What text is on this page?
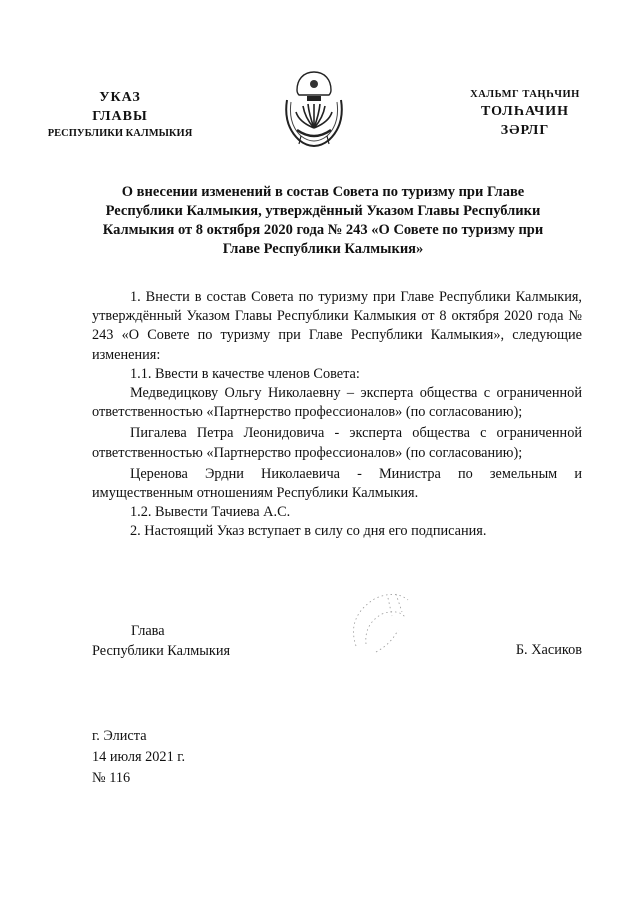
УКАЗ
ГЛАВЫ
РЕСПУБЛИКИ КАЛМЫКИЯ
ХАЛЬМГ ТАҢҺЧИН
ТОЛҺАЧИН
ЗӘРЛГ
О внесении изменений в состав Совета по туризму при Главе
Республики Калмыкия, утверждённый Указом Главы Республики
Калмыкия от 8 октября 2020 года № 243 «О Совете по туризму при
Главе Республики Калмыкия»

1. Внести в состав Совета по туризму при Главе Республики Калмыкия, утверждённый Указом Главы Республики Калмыкия от 8 октября 2020 года № 243 «О Совете по туризму при Главе Республики Калмыкия», следующие изменения:

1.1. Ввести в качестве членов Совета:

Медведицкову Ольгу Николаевну – эксперта общества с ограниченной ответственностью «Партнерство профессионалов» (по согласованию);

Пигалева Петра Леонидовича - эксперта общества с ограниченной ответственностью «Партнерство профессионалов» (по согласованию);

Церенова Эрдни Николаевича - Министра по земельным и имущественным отношениям Республики Калмыкия.

1.2. Вывести Тачиева А.С.

2. Настоящий Указ вступает в силу со дня его подписания.

Глава
Республики Калмыкия	Б. Хасиков
г. Элиста
14 июля 2021 г.
№ 116
